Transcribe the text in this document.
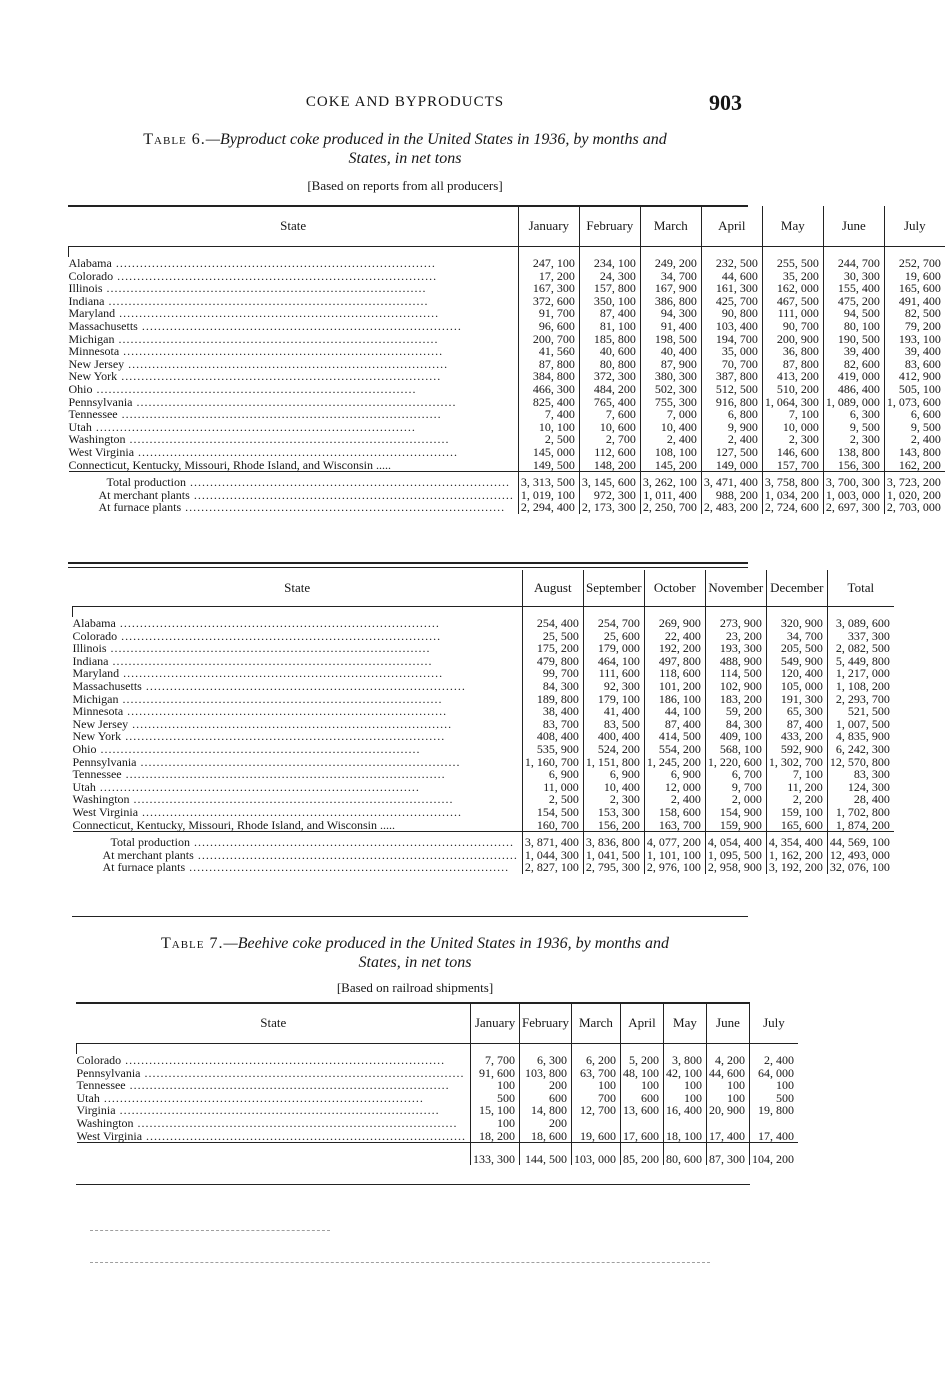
COKE AND BYPRODUCTS	903
Table 6.—Byproduct coke produced in the United States in 1936, by months and
States, in net tons
[Based on reports from all producers]
State	January	February	March	April	May	June	July

Alabama .....	247, 100	234, 100	249, 200	232, 500	255, 500	244, 700	252, 700
Colorado .....	17, 200	24, 300	34, 700	44, 600	35, 200	30, 300	19, 600
Illinois .....	167, 300	157, 800	167, 900	161, 300	162, 000	155, 400	165, 600
Indiana .....	372, 600	350, 100	386, 800	425, 700	467, 500	475, 200	491, 400
Maryland .....	91, 700	87, 400	94, 300	90, 800	111, 000	94, 500	82, 500
Massachusetts .....	96, 600	81, 100	91, 400	103, 400	90, 700	80, 100	79, 200
Michigan .....	200, 700	185, 800	198, 500	194, 700	200, 900	190, 500	193, 100
Minnesota .....	41, 560	40, 600	40, 400	35, 000	36, 800	39, 400	39, 400
New Jersey .....	87, 800	80, 800	87, 900	70, 700	87, 800	82, 600	83, 600
New York .....	384, 800	372, 300	380, 300	387, 800	413, 200	419, 000	412, 900
Ohio .....	466, 300	484, 200	502, 300	512, 500	510, 200	486, 400	505, 100
Pennsylvania .....	825, 400	765, 400	755, 300	916, 800	1, 064, 300	1, 089, 000	1, 073, 600
Tennessee .....	7, 400	7, 600	7, 000	6, 800	7, 100	6, 300	6, 600
Utah .....	10, 100	10, 600	10, 400	9, 900	10, 000	9, 500	9, 500
Washington .....	2, 500	2, 700	2, 400	2, 400	2, 300	2, 300	2, 400
West Virginia .....	145, 000	112, 600	108, 100	127, 500	146, 600	138, 800	143, 800
Connecticut, Kentucky, Missouri, Rhode Island, and Wisconsin .....	149, 500	148, 200	145, 200	149, 000	157, 700	156, 300	162, 200
Total production .....	3, 313, 500	3, 145, 600	3, 262, 100	3, 471, 400	3, 758, 800	3, 700, 300	3, 723, 200
At merchant plants .....	1, 019, 100	972, 300	1, 011, 400	988, 200	1, 034, 200	1, 003, 000	1, 020, 200
At furnace plants .....	2, 294, 400	2, 173, 300	2, 250, 700	2, 483, 200	2, 724, 600	2, 697, 300	2, 703, 000
State	August	September	October	November	December	Total

Alabama .....	254, 400	254, 700	269, 900	273, 900	320, 900	3, 089, 600
Colorado .....	25, 500	25, 600	22, 400	23, 200	34, 700	337, 300
Illinois .....	175, 200	179, 000	192, 200	193, 300	205, 500	2, 082, 500
Indiana .....	479, 800	464, 100	497, 800	488, 900	549, 900	5, 449, 800
Maryland .....	99, 700	111, 600	118, 600	114, 500	120, 400	1, 217, 000
Massachusetts .....	84, 300	92, 300	101, 200	102, 900	105, 000	1, 108, 200
Michigan .....	189, 800	179, 100	186, 100	183, 200	191, 300	2, 293, 700
Minnesota .....	38, 400	41, 400	44, 100	59, 200	65, 300	521, 500
New Jersey .....	83, 700	83, 500	87, 400	84, 300	87, 400	1, 007, 500
New York .....	408, 400	400, 400	414, 500	409, 100	433, 200	4, 835, 900
Ohio .....	535, 900	524, 200	554, 200	568, 100	592, 900	6, 242, 300
Pennsylvania .....	1, 160, 700	1, 151, 800	1, 245, 200	1, 220, 600	1, 302, 700	12, 570, 800
Tennessee .....	6, 900	6, 900	6, 900	6, 700	7, 100	83, 300
Utah .....	11, 000	10, 400	12, 000	9, 700	11, 200	124, 300
Washington .....	2, 500	2, 300	2, 400	2, 000	2, 200	28, 400
West Virginia .....	154, 500	153, 300	158, 600	154, 900	159, 100	1, 702, 800
Connecticut, Kentucky, Missouri, Rhode Island, and Wisconsin .....	160, 700	156, 200	163, 700	159, 900	165, 600	1, 874, 200
Total production .....	3, 871, 400	3, 836, 800	4, 077, 200	4, 054, 400	4, 354, 400	44, 569, 100
At merchant plants .....	1, 044, 300	1, 041, 500	1, 101, 100	1, 095, 500	1, 162, 200	12, 493, 000
At furnace plants .....	2, 827, 100	2, 795, 300	2, 976, 100	2, 958, 900	3, 192, 200	32, 076, 100
Table 7.—Beehive coke produced in the United States in 1936, by months and
States, in net tons
[Based on railroad shipments]
State	January	February	March	April	May	June	July

Colorado .....	7, 700	6, 300	6, 200	5, 200	3, 800	4, 200	2, 400
Pennsylvania .....	91, 600	103, 800	63, 700	48, 100	42, 100	44, 600	64, 000
Tennessee .....	100	200	100	100	100	100	100
Utah .....	500	600	700	600	100	100	500
Virginia .....	15, 100	14, 800	12, 700	13, 600	16, 400	20, 900	19, 800
Washington .....	100	200					
West Virginia .....	18, 200	18, 600	19, 600	17, 600	18, 100	17, 400	17, 400
	133, 300	144, 500	103, 000	85, 200	80, 600	87, 300	104, 200
